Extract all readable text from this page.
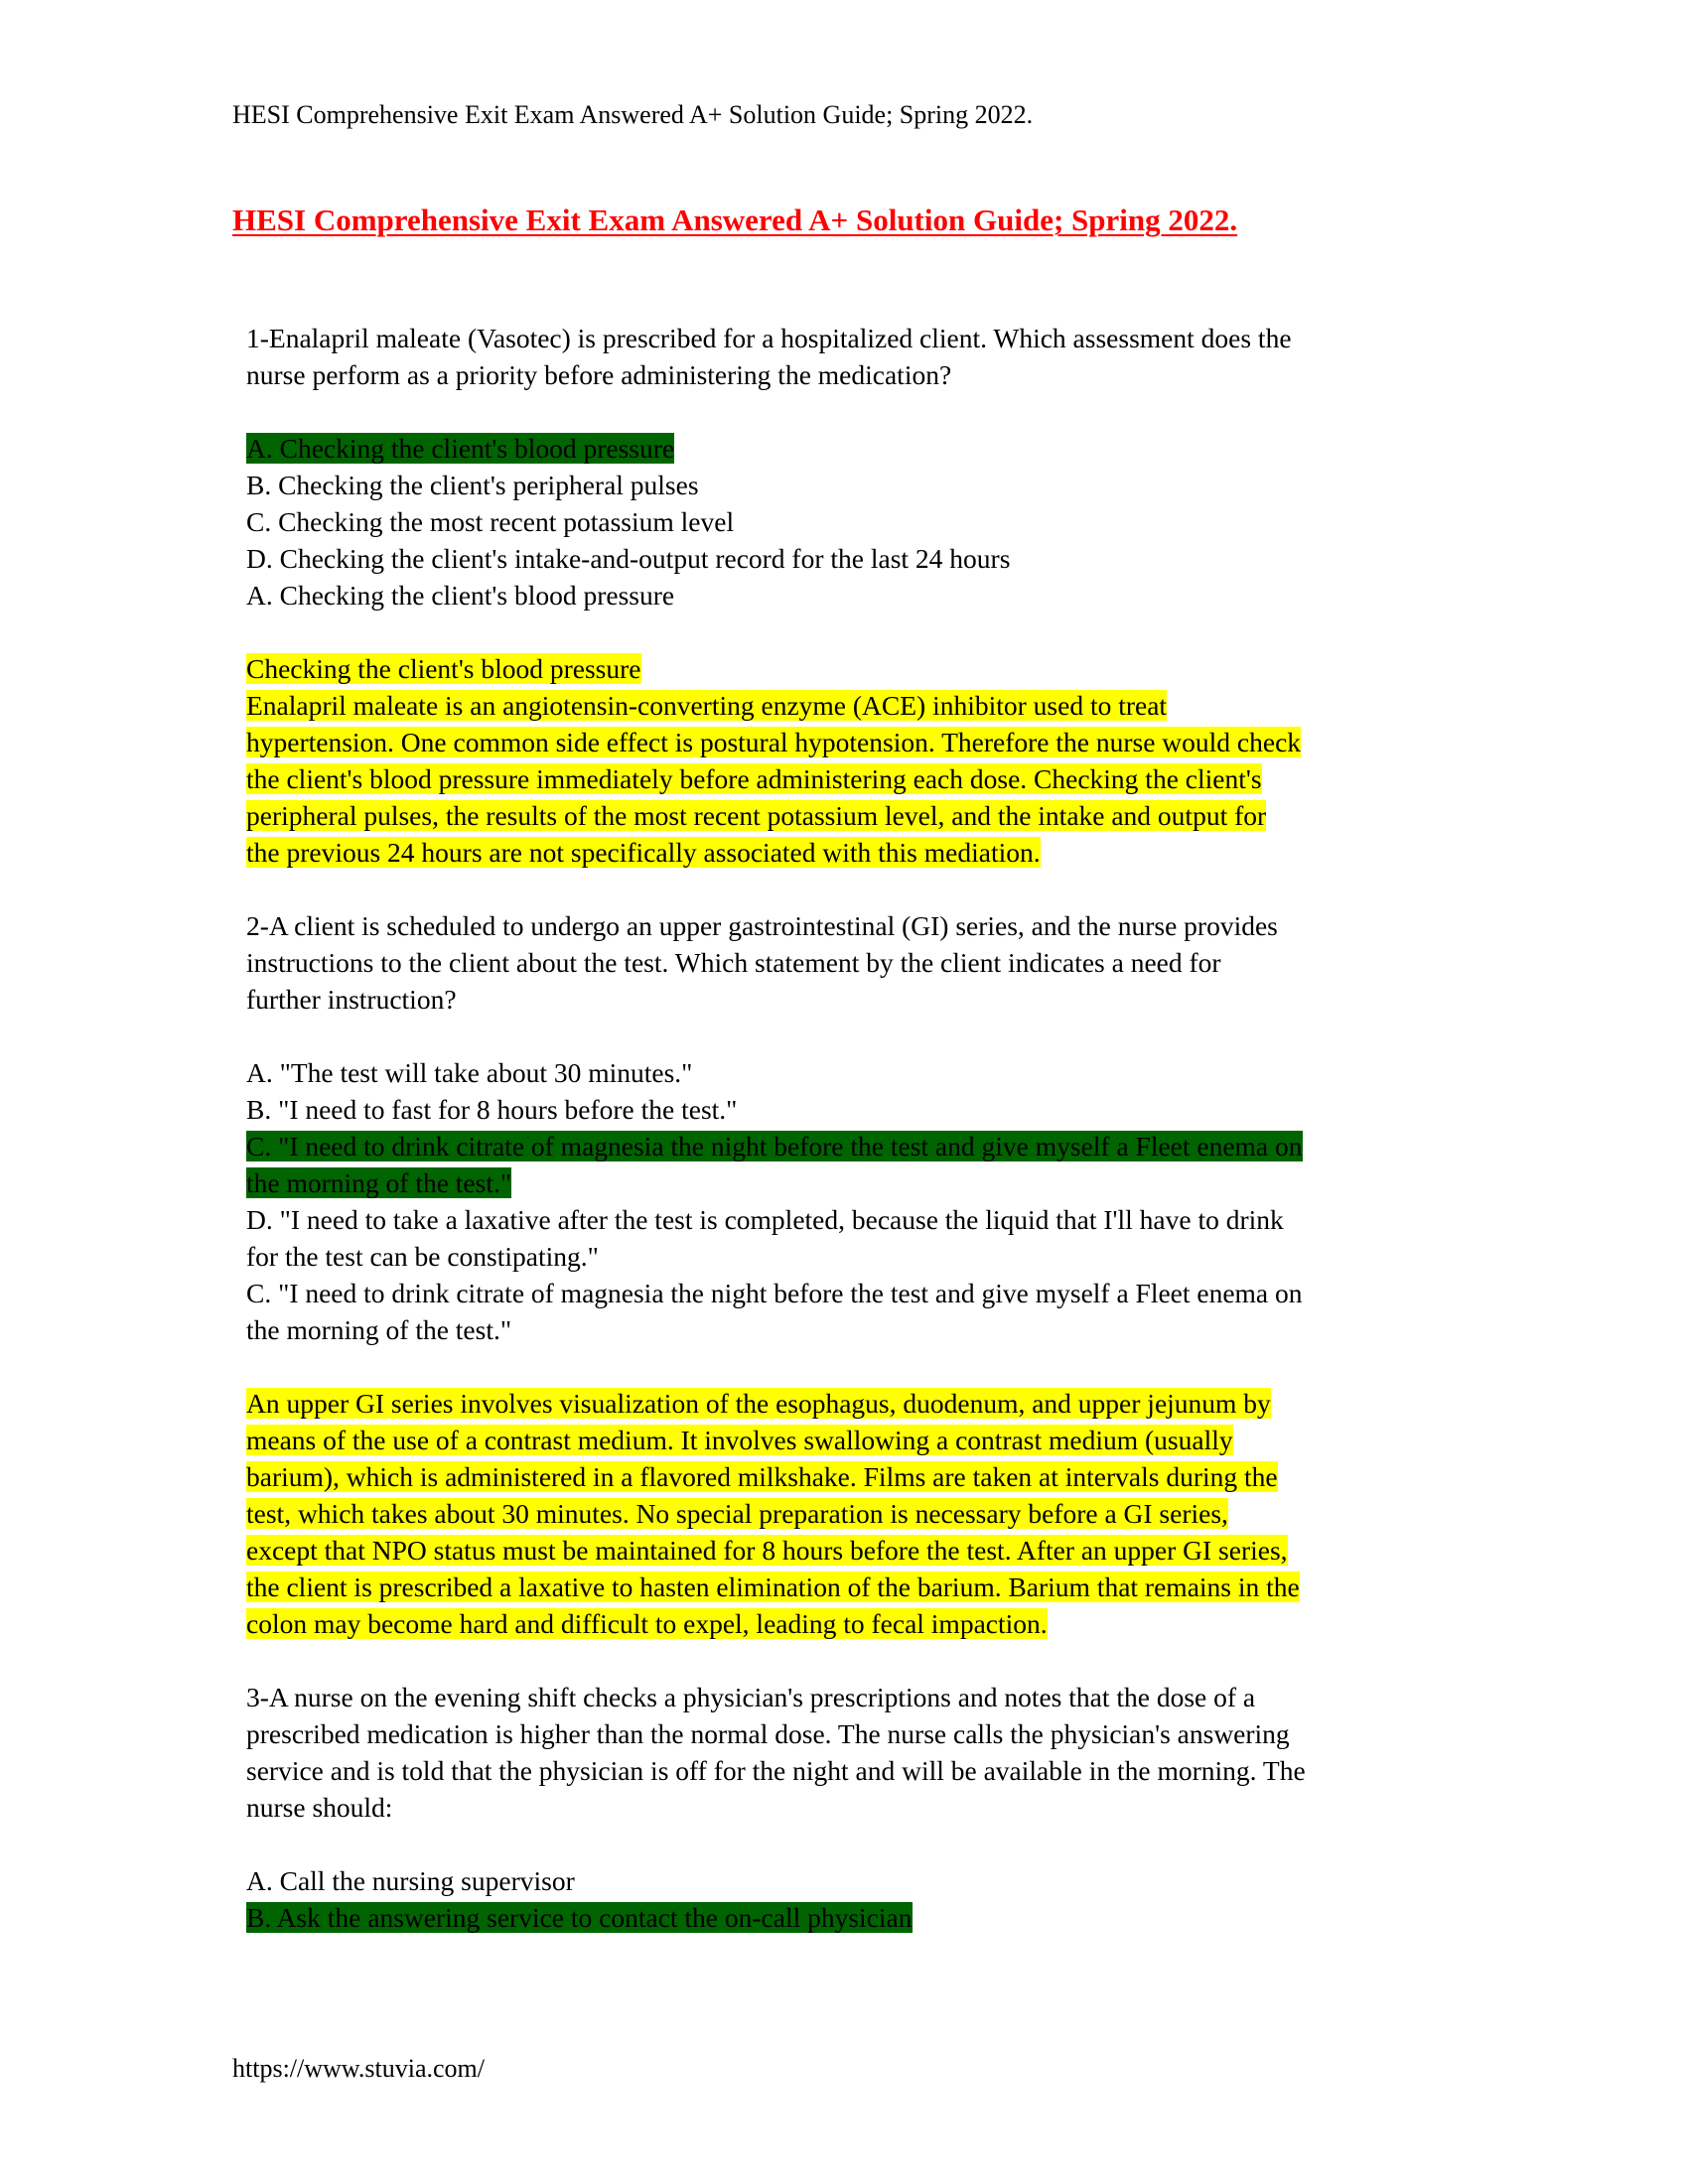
HESI Comprehensive Exit Exam Answered A+ Solution Guide; Spring 2022.
HESI Comprehensive Exit Exam Answered A+ Solution Guide; Spring 2022.
1-Enalapril maleate (Vasotec) is prescribed for a hospitalized client. Which assessment does the
nurse perform as a priority before administering the medication?
A. Checking the client's blood pressure
B. Checking the client's peripheral pulses
C. Checking the most recent potassium level
D. Checking the client's intake-and-output record for the last 24 hours
A. Checking the client's blood pressure
Checking the client's blood pressure
Enalapril maleate is an angiotensin-converting enzyme (ACE) inhibitor used to treat
hypertension. One common side effect is postural hypotension. Therefore the nurse would check
the client's blood pressure immediately before administering each dose. Checking the client's
peripheral pulses, the results of the most recent potassium level, and the intake and output for
the previous 24 hours are not specifically associated with this mediation.
2-A client is scheduled to undergo an upper gastrointestinal (GI) series, and the nurse provides
instructions to the client about the test. Which statement by the client indicates a need for
further instruction?
A. "The test will take about 30 minutes."
B. "I need to fast for 8 hours before the test."
C. "I need to drink citrate of magnesia the night before the test and give myself a Fleet enema on
the morning of the test."
D. "I need to take a laxative after the test is completed, because the liquid that I'll have to drink
for the test can be constipating."
C. "I need to drink citrate of magnesia the night before the test and give myself a Fleet enema on
the morning of the test."
An upper GI series involves visualization of the esophagus, duodenum, and upper jejunum by
means of the use of a contrast medium. It involves swallowing a contrast medium (usually
barium), which is administered in a flavored milkshake. Films are taken at intervals during the
test, which takes about 30 minutes. No special preparation is necessary before a GI series,
except that NPO status must be maintained for 8 hours before the test. After an upper GI series,
the client is prescribed a laxative to hasten elimination of the barium. Barium that remains in the
colon may become hard and difficult to expel, leading to fecal impaction.
3-A nurse on the evening shift checks a physician's prescriptions and notes that the dose of a
prescribed medication is higher than the normal dose. The nurse calls the physician's answering
service and is told that the physician is off for the night and will be available in the morning. The
nurse should:
A. Call the nursing supervisor
B. Ask the answering service to contact the on-call physician
https://www.stuvia.com/
